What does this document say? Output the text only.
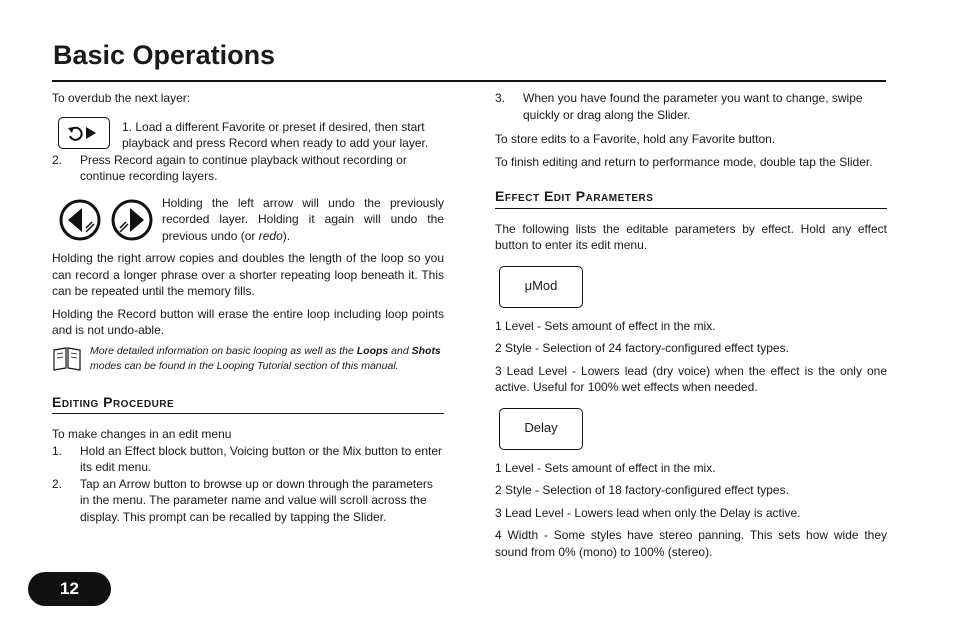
Basic Operations

To overdub the next layer:

1. Load a different Favorite or preset if desired, then start playback and press Record when ready to add your layer.

2.	Press Record again to continue playback without recording or continue recording layers.

Holding the left arrow will undo the previously recorded layer. Holding it again will undo the previous undo (or redo).

Holding the right arrow copies and doubles the length of the loop so you can record a longer phrase over a shorter repeating loop beneath it. This can be repeated until the memory fills.

Holding the Record button will erase the entire loop including loop points and is not undo-able.

More detailed information on basic looping as well as the Loops and Shots modes can be found in the Looping Tutorial section of this manual.

Editing Procedure

To make changes in an edit menu

1.	Hold an Effect block button, Voicing button or the Mix button to enter its edit menu.

2.	Tap an Arrow button to browse up or down through the parameters in the menu. The parameter name and value will scroll across the display. This prompt can be recalled by tapping the Slider.

3.	When you have found the parameter you want to change, swipe quickly or drag along the Slider.

To store edits to a Favorite, hold any Favorite button.

To finish editing and return to performance mode, double tap the Slider.

Effect Edit Parameters

The following lists the editable parameters by effect. Hold any effect button to enter its edit menu.

μMod

1 Level - Sets amount of effect in the mix.

2 Style - Selection of 24 factory-configured effect types.

3 Lead Level - Lowers lead (dry voice) when the effect is the only one active. Useful for 100% wet effects when needed.

Delay

1 Level - Sets amount of effect in the mix.

2 Style - Selection of 18 factory-configured effect types.

3 Lead Level - Lowers lead when only the Delay is active.

4 Width - Some styles have stereo panning. This sets how wide they sound from 0% (mono) to 100% (stereo).

12
